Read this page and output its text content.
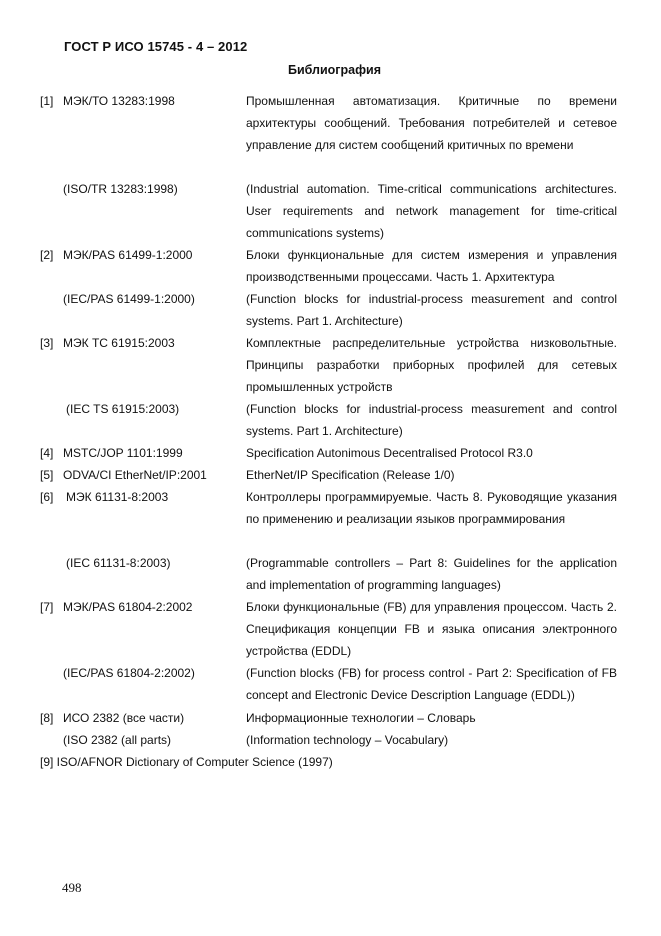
ГОСТ Р ИСО 15745 - 4 – 2012
Библиография
[1] МЭК/ТО 13283:1998	Промышленная автоматизация. Критичные по времени архитектуры сообщений. Требования потребителей и сетевое управление для систем сообщений критичных по времени
(ISO/TR 13283:1998)	(Industrial automation. Time-critical communications architectures. User requirements and network management for time-critical communications systems)
[2] МЭК/PAS 61499-1:2000	Блоки функциональные для систем измерения и управления производственными процессами. Часть 1. Архитектура
(IEC/PAS 61499-1:2000)	(Function blocks for industrial-process measurement and control systems. Part 1. Architecture)
[3] МЭК TC 61915:2003	Комплектные распределительные устройства низковольтные. Принципы разработки приборных профилей для сетевых промышленных устройств
(IEC TS 61915:2003)	(Function blocks for industrial-process measurement and control systems. Part 1. Architecture)
[4] MSTC/JOP 1101:1999	Specification Autonimous Decentralised Protocol R3.0
[5] ODVA/CI EtherNet/IP:2001	EtherNet/IP Specification (Release 1/0)
[6] МЭК 61131-8:2003	Контроллеры программируемые. Часть 8. Руководящие указания по применению и реализации языков программирования
(IEC 61131-8:2003)	(Programmable controllers – Part 8: Guidelines for the application and implementation of programming languages)
[7] МЭК/PAS 61804-2:2002	Блоки функциональные (FB) для управления процессом. Часть 2. Спецификация концепции FB и языка описания электронного устройства (EDDL)
(IEC/PAS 61804-2:2002)	(Function blocks (FB) for process control - Part 2: Specification of FB concept and Electronic Device Description Language (EDDL))
[8] ИСО 2382 (все части)	Информационные технологии – Словарь
(ISO 2382 (all parts)	(Information technology – Vocabulary)
[9] ISO/AFNOR Dictionary of Computer Science (1997)
498
